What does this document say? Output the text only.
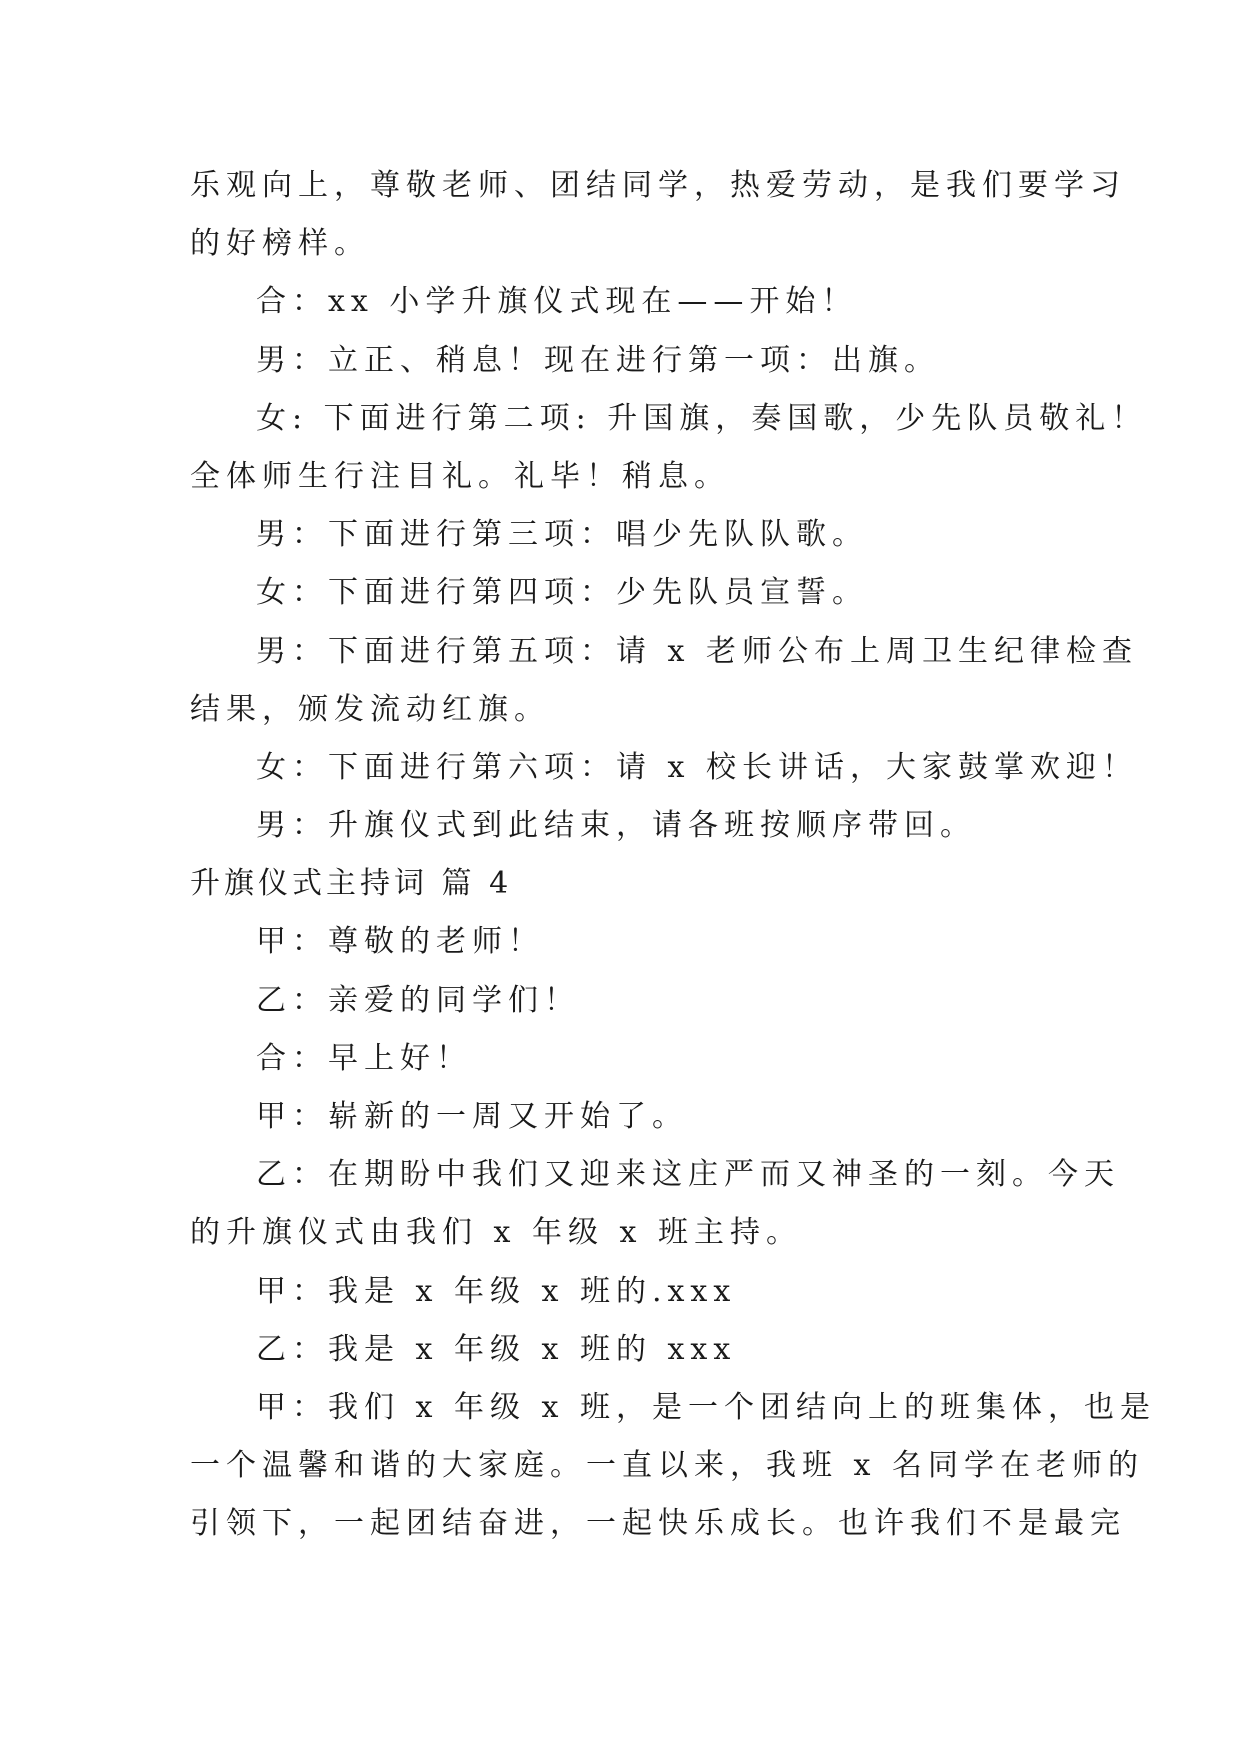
乐观向上，尊敬老师、团结同学，热爱劳动，是我们要学习
的好榜样。
合：xx 小学升旗仪式现在——开始！
男：立正、稍息！现在进行第一项：出旗。
女: 下面进行第二项: 升国旗，奏国歌，少先队员敬礼！
全体师生行注目礼。礼毕！稍息。
男：下面进行第三项：唱少先队队歌。
女：下面进行第四项：少先队员宣誓。
男：下面进行第五项：请 x 老师公布上周卫生纪律检查
结果，颁发流动红旗。
女：下面进行第六项：请 x 校长讲话，大家鼓掌欢迎！
男：升旗仪式到此结束，请各班按顺序带回。
升旗仪式主持词 篇 4
甲：尊敬的老师！
乙：亲爱的同学们！
合：早上好！
甲：崭新的一周又开始了。
乙：在期盼中我们又迎来这庄严而又神圣的一刻。今天
的升旗仪式由我们 x 年级 x 班主持。
甲：我是 x 年级 x 班的.xxx
乙：我是 x 年级 x 班的 xxx
甲：我们 x 年级 x 班，是一个团结向上的班集体，也是
一个温馨和谐的大家庭。一直以来，我班 x 名同学在老师的
引领下，一起团结奋进，一起快乐成长。也许我们不是最完
